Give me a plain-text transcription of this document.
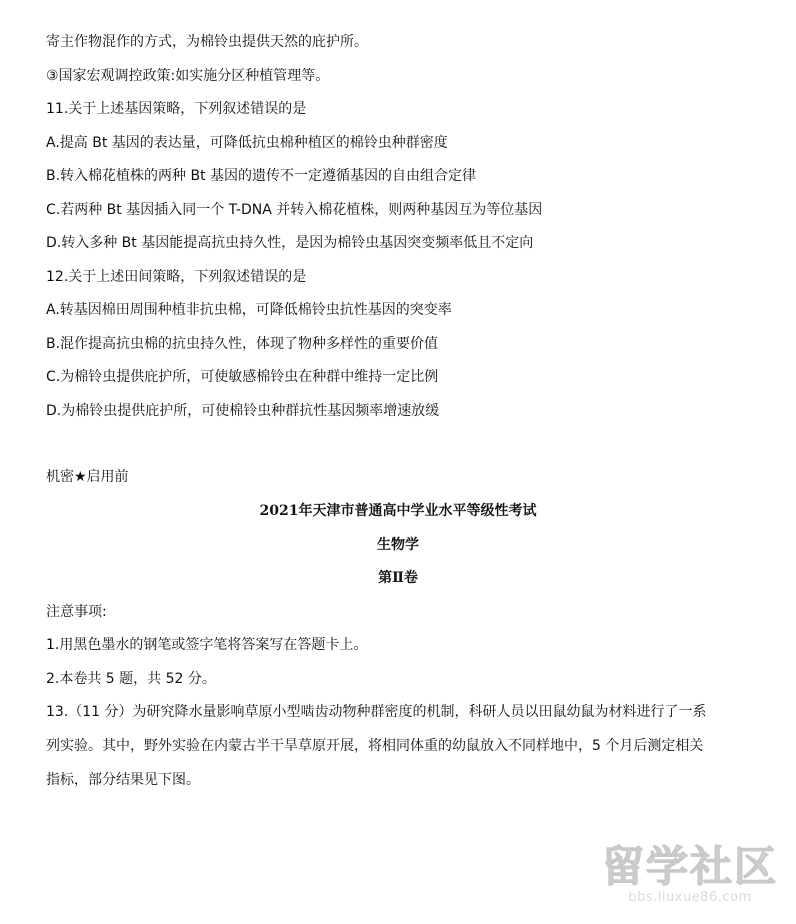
寄主作物混作的方式，为棉铃虫提供天然的庇护所。
③国家宏观调控政策:如实施分区种植管理等。
11.关于上述基因策略，下列叙述错误的是
A.提高 Bt 基因的表达量，可降低抗虫棉种植区的棉铃虫种群密度
B.转入棉花植株的两种 Bt 基因的遗传不一定遵循基因的自由组合定律
C.若两种 Bt 基因插入同一个 T-DNA 并转入棉花植株，则两种基因互为等位基因
D.转入多种 Bt 基因能提高抗虫持久性，是因为棉铃虫基因突变频率低且不定向
12.关于上述田间策略，下列叙述错误的是
A.转基因棉田周围种植非抗虫棉，可降低棉铃虫抗性基因的突变率
B.混作提高抗虫棉的抗虫持久性，体现了物种多样性的重要价值
C.为棉铃虫提供庇护所，可使敏感棉铃虫在种群中维持一定比例
D.为棉铃虫提供庇护所，可使棉铃虫种群抗性基因频率增速放缓
机密★启用前
2021年天津市普通高中学业水平等级性考试
生物学
第Ⅱ卷
注意事项:
1.用黑色墨水的钢笔或签字笔将答案写在答题卡上。
2.本卷共 5 题，共 52 分。
13.（11 分）为研究降水量影响草原小型啮齿动物种群密度的机制，科研人员以田鼠幼鼠为材料进行了一系
列实验。其中，野外实验在内蒙古半干旱草原开展，将相同体重的幼鼠放入不同样地中，5 个月后测定相关
指标，部分结果见下图。
留学社区
bbs.liuxue86.com
